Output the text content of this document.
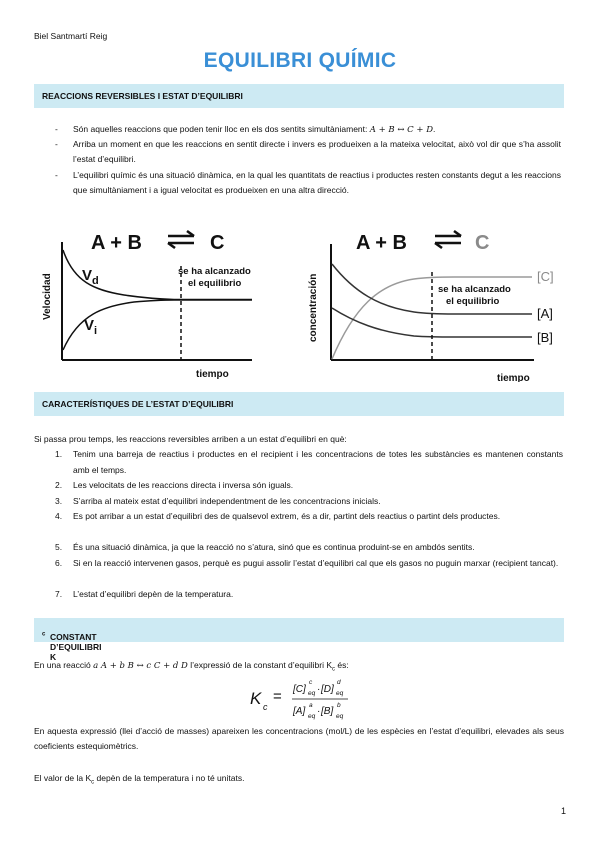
Biel Santmartí Reig
EQUILIBRI QUÍMIC
REACCIONS REVERSIBLES I ESTAT D’EQUILIBRI
- Són aquelles reaccions que poden tenir lloc en els dos sentits simultàniament: A + B ↔ C + D.
- Arriba un moment en que les reaccions en sentit directe i invers es produeixen a la mateixa velocitat, això vol dir que s’ha assolit l’estat d’equilibri.
- L’equilibri químic és una situació dinàmica, en la qual les quantitats de reactius i productes resten constants degut a les reaccions que simultàniament i a igual velocitat es produeixen en una altra direcció.
A + B	C
Velocidad $V_d$
$V_i$
se ha alcanzado
el equilibrio
tiempo
A + B	C
concentración	se ha alcanzado
el equilibrio
[C]
[A]
[B]
tiempo
CARACTERÍSTIQUES DE L’ESTAT D’EQUILIBRI
Si passa prou temps, les reaccions reversibles arriben a un estat d’equilibri en què:
1. Tenim una barreja de reactius i productes en el recipient i les concentracions de totes les substàncies es mantenen constants amb el temps.
2. Les velocitats de les reaccions directa i inversa són iguals.
3. S’arriba al mateix estat d’equilibri independentment de les concentracions inicials.
4. Es pot arribar a un estat d’equilibri des de qualsevol extrem, és a dir, partint dels reactius o partint dels productes.
5. És una situació dinàmica, ja que la reacció no s’atura, sinó que es continua produint-se en ambdós sentits.
6. Si en la reacció intervenen gasos, perquè es pugui assolir l’estat d’equilibri cal que els gasos no puguin marxar (recipient tancat).
7. L’estat d’equilibri depèn de la temperatura.
CONSTANT D’EQUILIBRI K
$_c$
En una reacció a A + b B ↔ c C + d D l’expressió de la constant d’equilibri $K_c$ és:
K c
= [C]
c
eq · [D]
d
eq
[A]
a
eq · [B]
b
eq
En aquesta expressió (llei d’acció de masses) apareixen les concentracions (mol/L) de les espècies en l’estat d’equilibri, elevades als seus coeficients estequiomètrics.
El valor de la $K_c$ depèn de la temperatura i no té unitats.
1
